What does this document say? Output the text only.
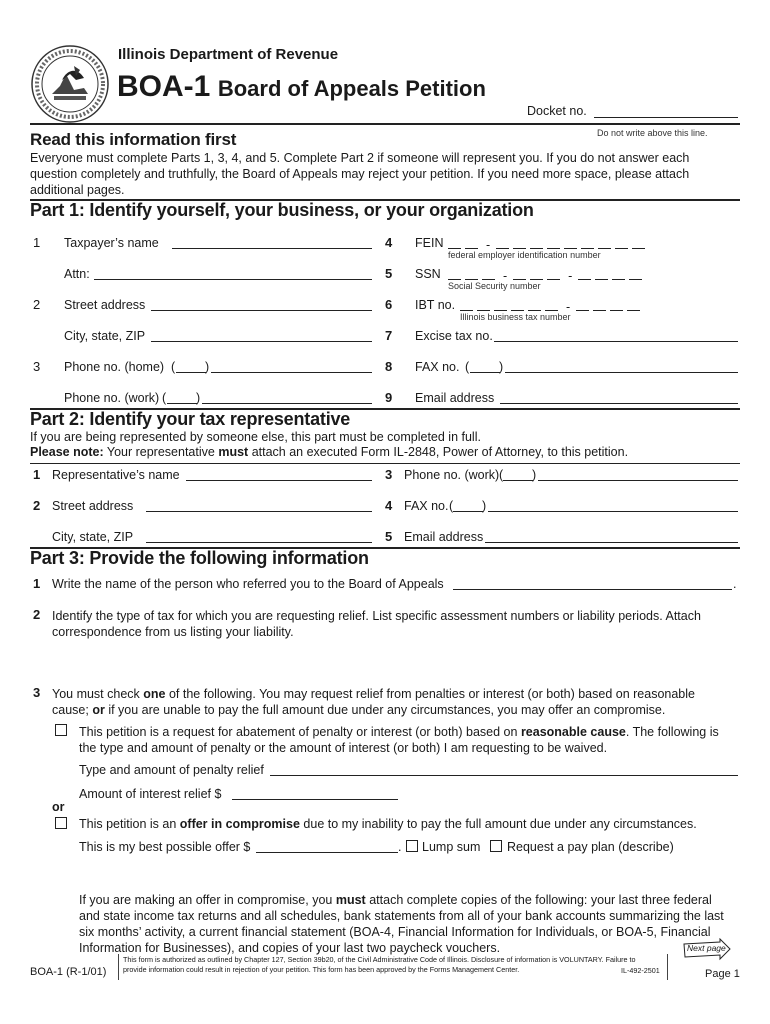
Illinois Department of Revenue
BOA-1 Board of Appeals Petition
Docket no.
Do not write above this line.
Read this information first
Everyone must complete Parts 1, 3, 4, and 5. Complete Part 2 if someone will represent you. If you do not answer each
question completely and truthfully, the Board of Appeals may reject your petition. If you need more space, please attach
additional pages.
Part 1: Identify yourself, your business, or your organization
1 Taxpayer’s name
Attn:
2 Street address
City, state, ZIP
3 Phone no. (home) ( )
Phone no. (work) ( )
4 FEIN	-
federal employer identification number
5 SSN	-	-
Social Security number
6 IBT no.	-
Illinois business tax number
7 Excise tax no.
8 FAX no. ( )
9 Email address
Part 2: Identify your tax representative
If you are being represented by someone else, this part must be completed in full.
Please note: Your representative must attach an executed Form IL-2848, Power of Attorney, to this petition.
1 Representative’s name
2 Street address
City, state, ZIP
3 Phone no. (work) ( )
4 FAX no. ( )
5 Email address
Part 3: Provide the following information
1 Write the name of the person who referred you to the Board of Appeals	.
2 Identify the type of tax for which you are requesting relief. List specific assessment numbers or liability periods. Attach
correspondence from us listing your liability.
3 You must check one of the following. You may request relief from penalties or interest (or both) based on reasonable
cause; or if you are unable to pay the full amount due under any circumstances, you may offer an compromise.
This petition is a request for abatement of penalty or interest (or both) based on reasonable cause. The following is
the type and amount of penalty or the amount of interest (or both) I am requesting to be waived.
Type and amount of penalty relief
Amount of interest relief $
or
This petition is an offer in compromise due to my inability to pay the full amount due under any circumstances.
This is my best possible offer $	. Lump sum Request a pay plan (describe)
If you are making an offer in compromise, you must attach complete copies of the following: your last three federal
and state income tax returns and all schedules, bank statements from all of your bank accounts summarizing the last
six months’ activity, a current financial statement (BOA-4, Financial Information for Individuals, or BOA-5, Financial
Information for Businesses), and copies of your last two paycheck vouchers.
BOA-1 (R-1/01)
This form is authorized as outlined by Chapter 127, Section 39b20, of the Civil Administrative Code of Illinois. Disclosure of information is VOLUNTARY. Failure to
provide information could result in rejection of your petition. This form has been approved by the Forms Management Center.	IL-492-2501
Next page
Page 1
